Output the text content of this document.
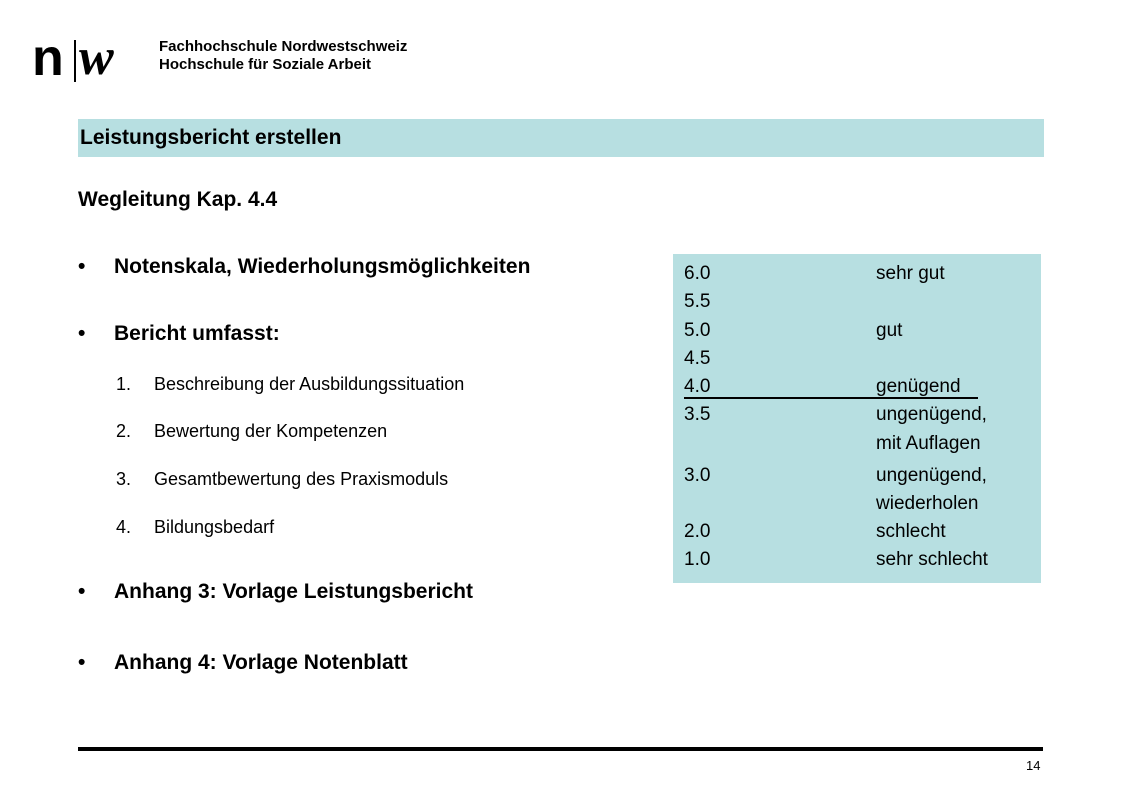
n w	Fachhochschule Nordwestschweiz
Hochschule für Soziale Arbeit
Leistungsbericht erstellen
Wegleitung Kap. 4.4
• Notenskala, Wiederholungsmöglichkeiten
• Bericht umfasst:
1. Beschreibung der Ausbildungssituation
2. Bewertung der Kompetenzen
3. Gesamtbewertung des Praxismoduls
4. Bildungsbedarf
• Anhang 3: Vorlage Leistungsbericht
• Anhang 4: Vorlage Notenblatt
6.0	sehr gut
5.5
5.0	gut
4.5
4.0	genügend
3.5	ungenügend,
mit Auflagen
3.0	ungenügend,
wiederholen
2.0	schlecht
1.0	sehr schlecht
14
